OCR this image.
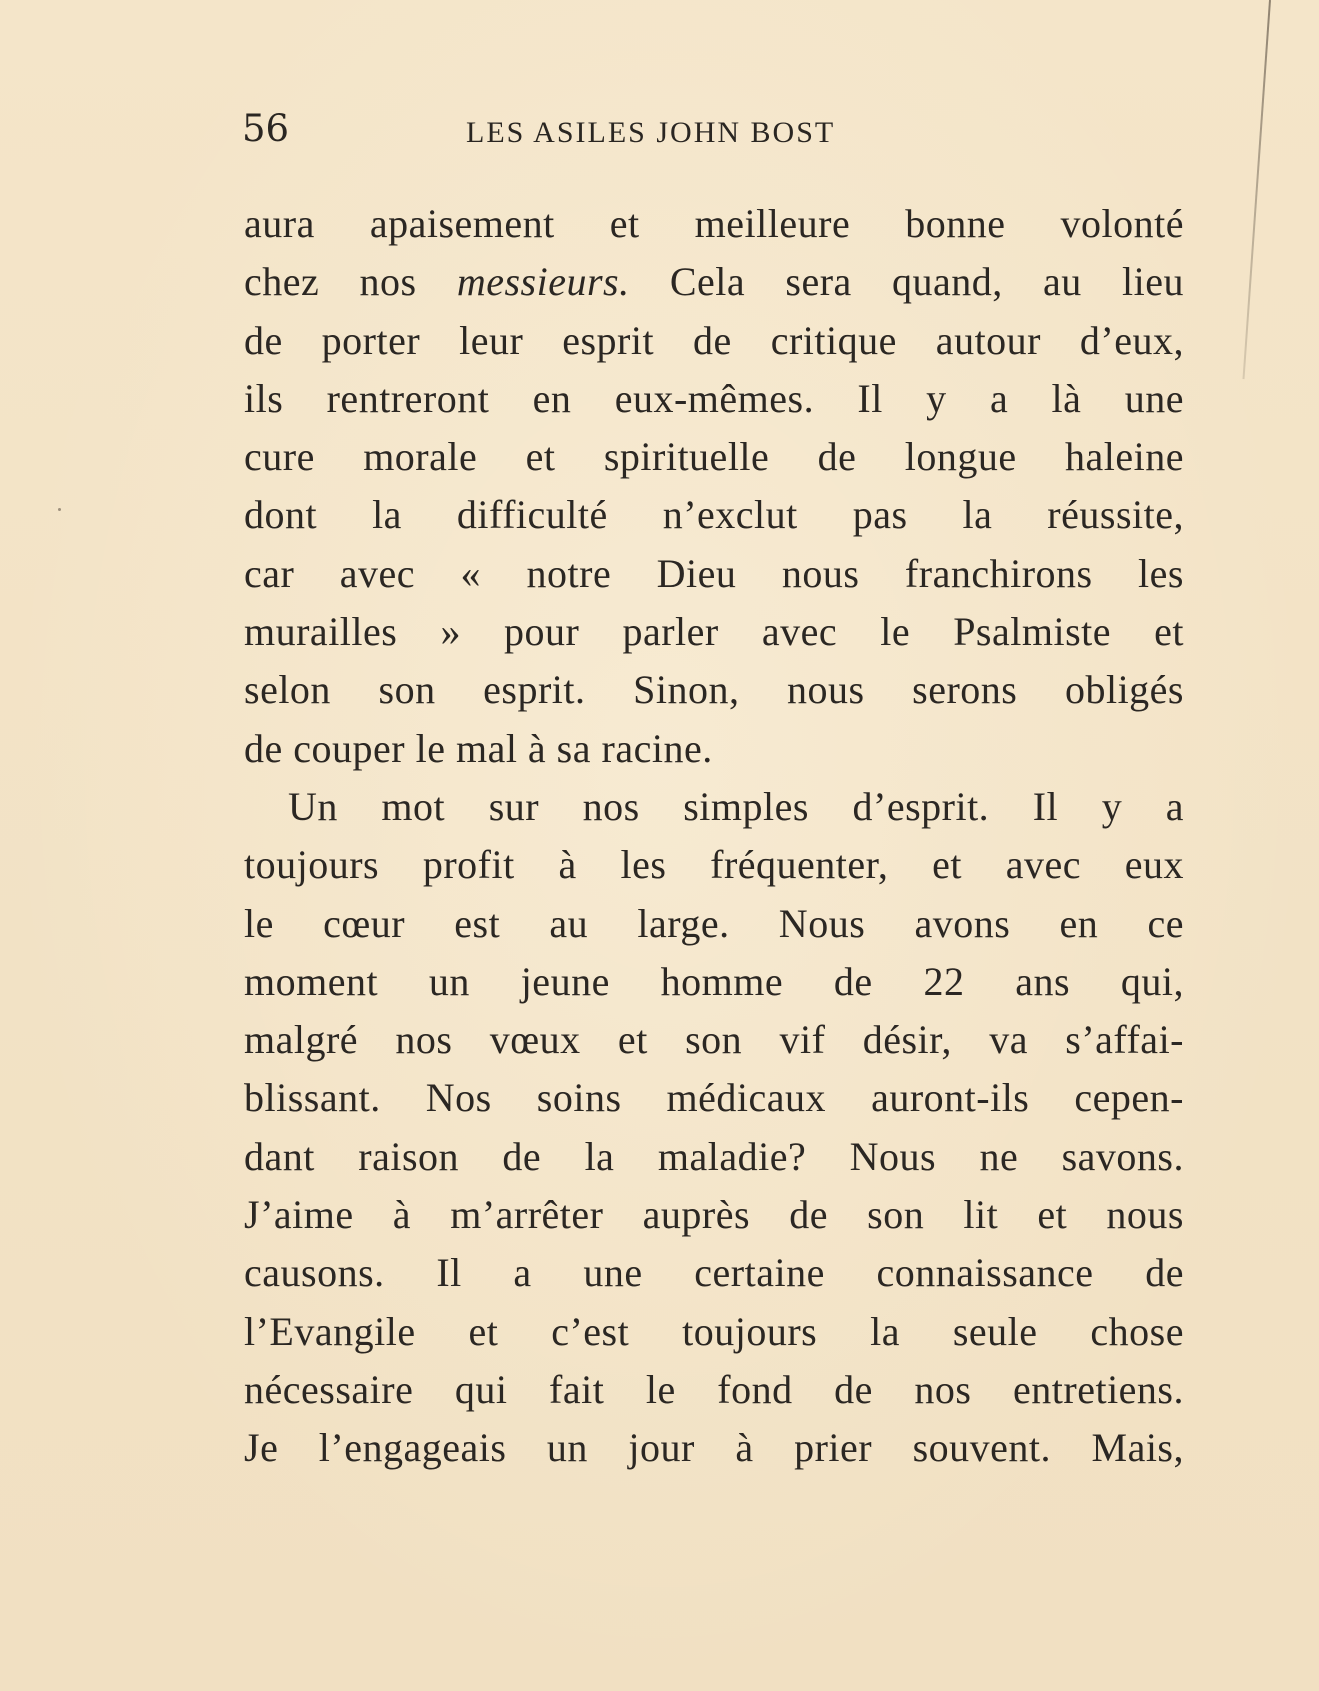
56	LES ASILES JOHN BOST
aura apaisement et meilleure bonne volonté
chez nos messieurs. Cela sera quand, au lieu
de porter leur esprit de critique autour d’eux,
ils rentreront en eux-mêmes. Il y a là une
cure morale et spirituelle de longue haleine
dont la difficulté n’exclut pas la réussite,
car avec « notre Dieu nous franchirons les
murailles » pour parler avec le Psalmiste et
selon son esprit. Sinon, nous serons obligés
de couper le mal à sa racine.
Un mot sur nos simples d’esprit. Il y a
toujours profit à les fréquenter, et avec eux
le cœur est au large. Nous avons en ce
moment un jeune homme de 22 ans qui,
malgré nos vœux et son vif désir, va s’affai-
blissant. Nos soins médicaux auront-ils cepen-
dant raison de la maladie? Nous ne savons.
J’aime à m’arrêter auprès de son lit et nous
causons. Il a une certaine connaissance de
l’Evangile et c’est toujours la seule chose
nécessaire qui fait le fond de nos entretiens.
Je l’engageais un jour à prier souvent. Mais,
